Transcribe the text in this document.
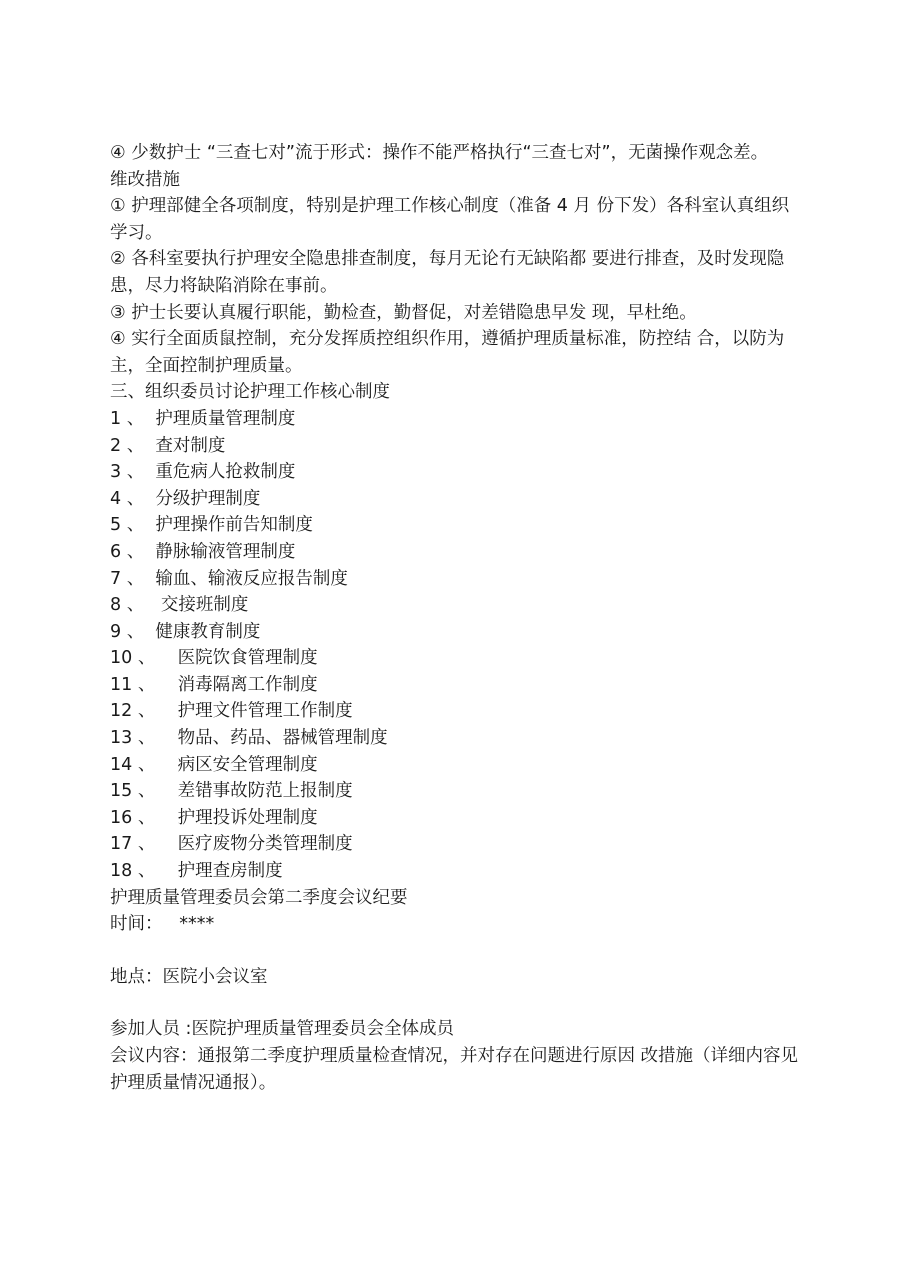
④ 少数护士 “三查七对”流于形式：操作不能严格执行“三查七对”，无菌操作观念差。

维改措施

① 护理部健全各项制度，特别是护理工作核心制度（准备 4 月 份下发）各科室认真组织学习。

② 各科室要执行护理安全隐患排查制度，每月无论冇无缺陷都 要进行排查，及时发现隐患，尽力将缺陷消除在事前。

③ 护士长要认真履行职能，勤检查，勤督促，对差错隐患早发 现，早杜绝。

④ 实行全面质鼠控制，充分发挥质控组织作用，遵循护理质量标准，防控结 合，以防为主，全面控制护理质量。

三、组织委员讨论护理工作核心制度

1 、 护理质量管理制度

2 、 查对制度

3 、 重危病人抢救制度

4 、 分级护理制度

5 、 护理操作前告知制度

6 、 静脉输液管理制度

7 、 输血、输液反应报告制度

8 、   交接班制度

9 、 健康教育制度

10 、    医院饮食管理制度

11 、    消毒隔离工作制度

12 、    护理文件管理工作制度

13 、    物品、药品、器械管理制度

14 、    病区安全管理制度

15 、    差错事故防范上报制度

16 、    护理投诉处理制度

17 、    医疗废物分类管理制度

18 、    护理查房制度

护理质量管理委员会第二季度会议纪要

时间：   ****

地点：医院小会议室

参加人员 :医院护理质量管理委员会全体成员

会议内容：通报第二季度护理质量检查情况，并对存在问题进行原因 改措施（详细内容见护理质量情况通报）。
